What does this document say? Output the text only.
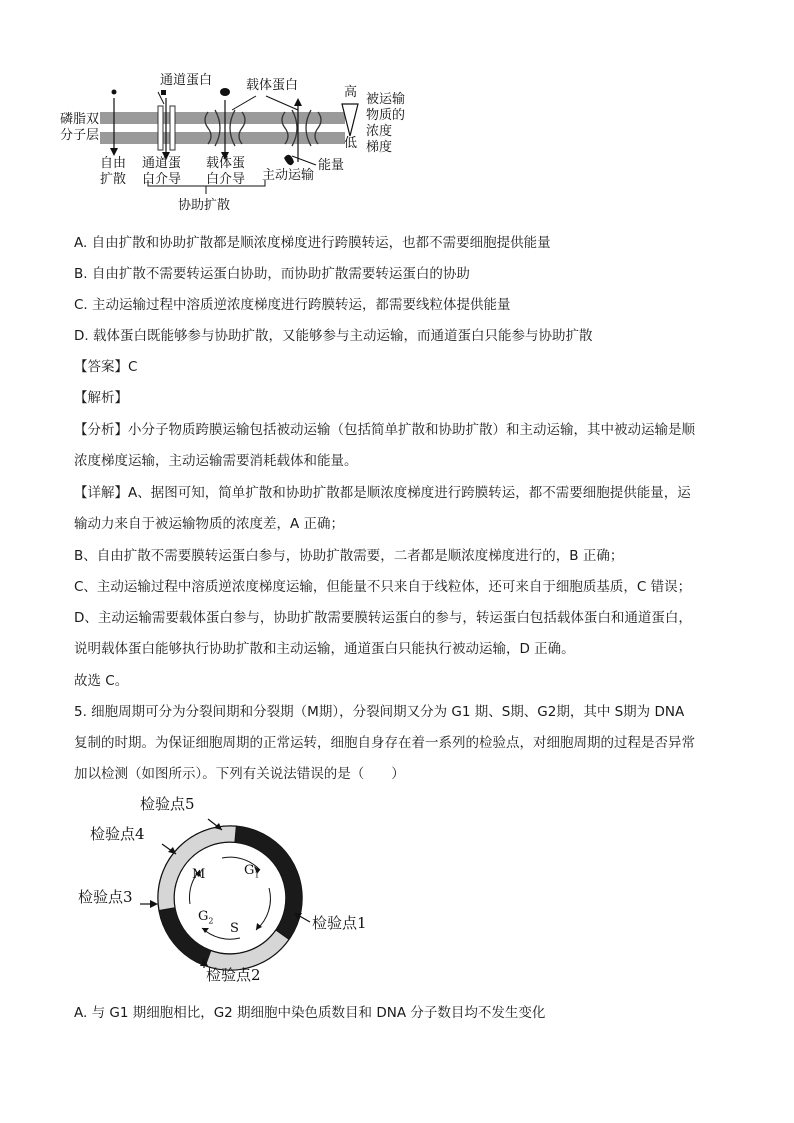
通道蛋白	载体蛋白	高
低
被运输
物质的
浓度
梯度
磷脂双
分子层
自由
扩散
通道蛋
白介导
载体蛋
白介导 主动运输
能量
协助扩散
A. 自由扩散和协助扩散都是顺浓度梯度进行跨膜转运，也都不需要细胞提供能量
B. 自由扩散不需要转运蛋白协助，而协助扩散需要转运蛋白的协助
C. 主动运输过程中溶质逆浓度梯度进行跨膜转运，都需要线粒体提供能量
D. 载体蛋白既能够参与协助扩散，又能够参与主动运输，而通道蛋白只能参与协助扩散
【答案】C
【解析】
【分析】小分子物质跨膜运输包括被动运输（包括简单扩散和协助扩散）和主动运输，其中被动运输是顺
浓度梯度运输，主动运输需要消耗载体和能量。
【详解】A、据图可知，简单扩散和协助扩散都是顺浓度梯度进行跨膜转运，都不需要细胞提供能量，运
输动力来自于被运输物质的浓度差，A 正确；
B、自由扩散不需要膜转运蛋白参与，协助扩散需要，二者都是顺浓度梯度进行的，B 正确；
C、主动运输过程中溶质逆浓度梯度运输，但能量不只来自于线粒体，还可来自于细胞质基质，C 错误；
D、主动运输需要载体蛋白参与，协助扩散需要膜转运蛋白的参与，转运蛋白包括载体蛋白和通道蛋白，
说明载体蛋白能够执行协助扩散和主动运输，通道蛋白只能执行被动运输，D 正确。
故选 C。
5. 细胞周期可分为分裂间期和分裂期（M期），分裂间期又分为 G1 期、S期、G2期，其中 S期为 DNA
复制的时期。为保证细胞周期的正常运转，细胞自身存在着一系列的检验点，对细胞周期的过程是否异常
加以检测（如图所示）。下列有关说法错误的是（　　）
检验点5
检验点4
检验点3
检验点1
检验点2
M	$G_1$
$G_2$ S
A. 与 G1 期细胞相比，G2 期细胞中染色质数目和 DNA 分子数目均不发生变化
